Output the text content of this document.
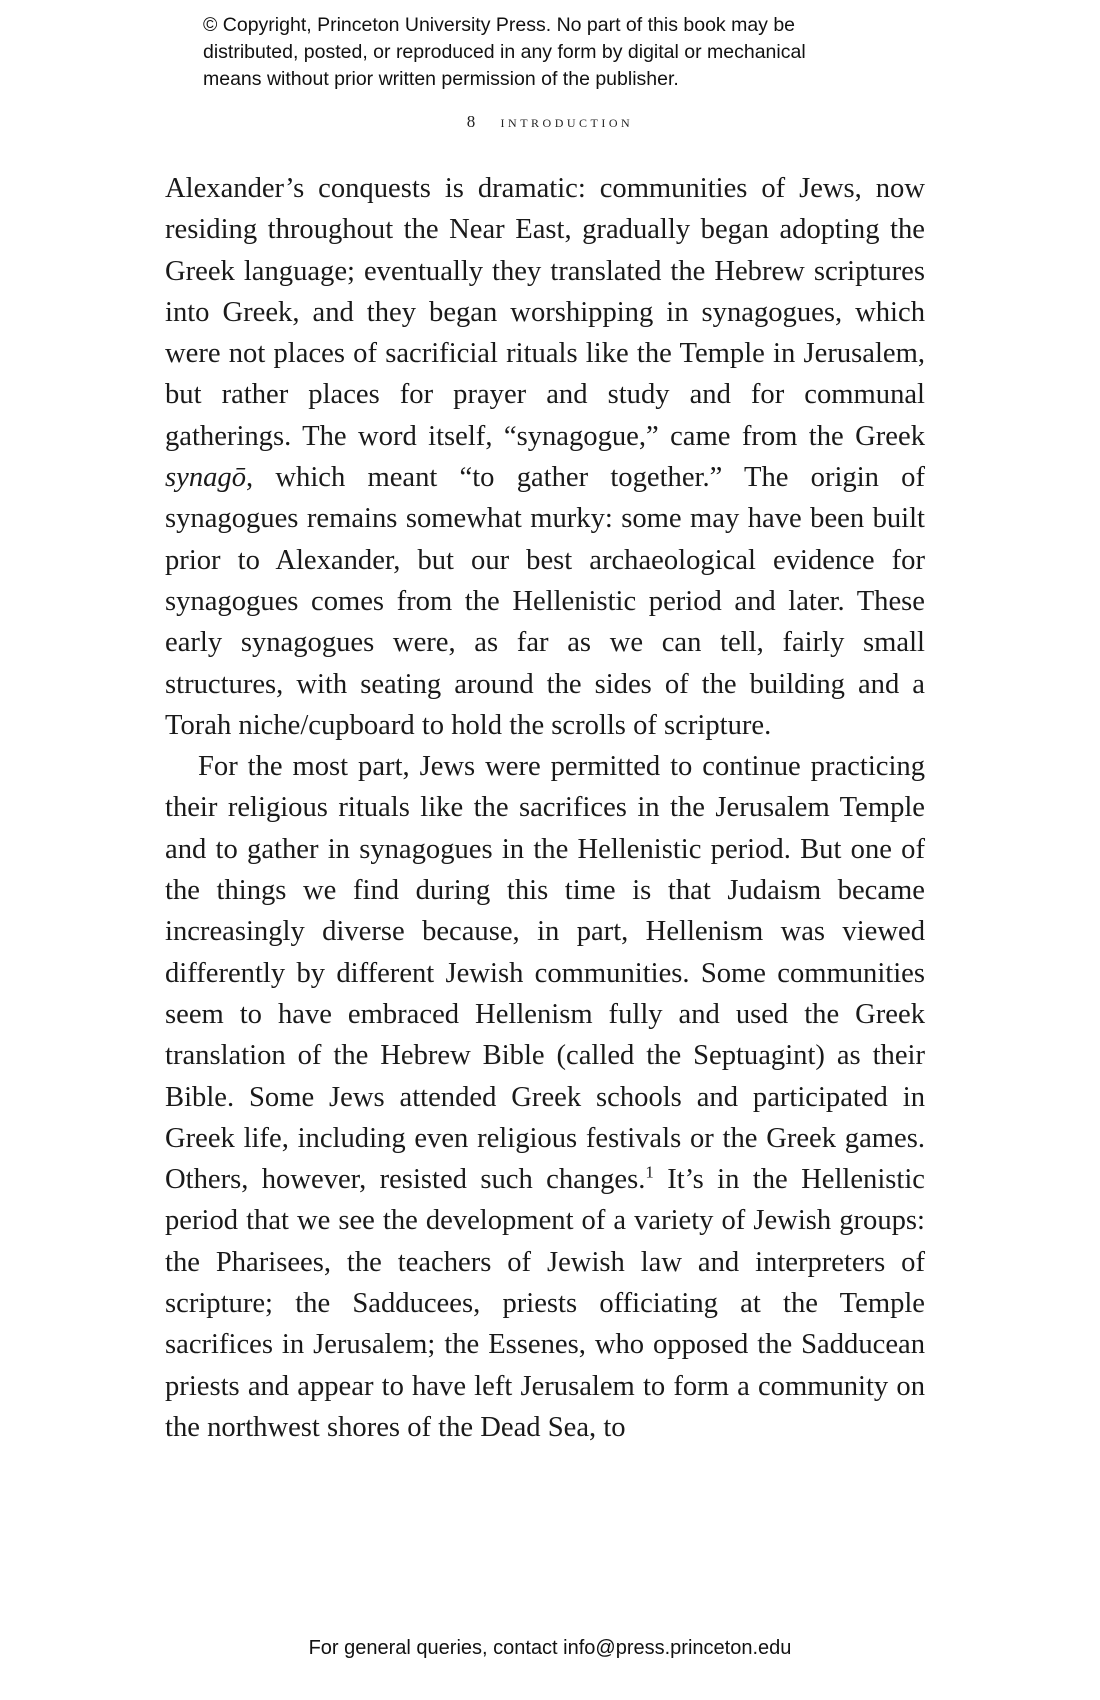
© Copyright, Princeton University Press. No part of this book may be
distributed, posted, or reproduced in any form by digital or mechanical
means without prior written permission of the publisher.
8 introduction

Alexander’s conquests is dramatic: communities of Jews, now residing throughout the Near East, gradually began adopting the Greek language; eventually they translated the Hebrew scriptures into Greek, and they began worshipping in synagogues, which were not places of sacrificial rituals like the Temple in Jerusalem, but rather places for prayer and study and for communal gatherings. The word itself, “synagogue,” came from the Greek synagō, which meant “to gather together.” The origin of synagogues remains somewhat murky: some may have been built prior to Alexander, but our best archaeological evidence for synagogues comes from the Hellenistic period and later. These early synagogues were, as far as we can tell, fairly small structures, with seating around the sides of the building and a Torah niche/cupboard to hold the scrolls of scripture.

For the most part, Jews were permitted to continue practicing their religious rituals like the sacrifices in the Jerusalem Temple and to gather in synagogues in the Hellenistic period. But one of the things we find during this time is that Judaism became increasingly diverse because, in part, Hellenism was viewed differently by different Jewish communities. Some communities seem to have embraced Hellenism fully and used the Greek translation of the Hebrew Bible (called the Septuagint) as their Bible. Some Jews attended Greek schools and participated in Greek life, including even religious festivals or the Greek games. Others, however, resisted such changes.$^1$ It’s in the Hellenistic period that we see the development of a variety of Jewish groups: the Pharisees, the teachers of Jewish law and interpreters of scripture; the Sadducees, priests officiating at the Temple sacrifices in Jerusalem; the Essenes, who opposed the Sadducean priests and appear to have left Jerusalem to form a community on the northwest shores of the Dead Sea, to

For general queries, contact info@press.princeton.edu
